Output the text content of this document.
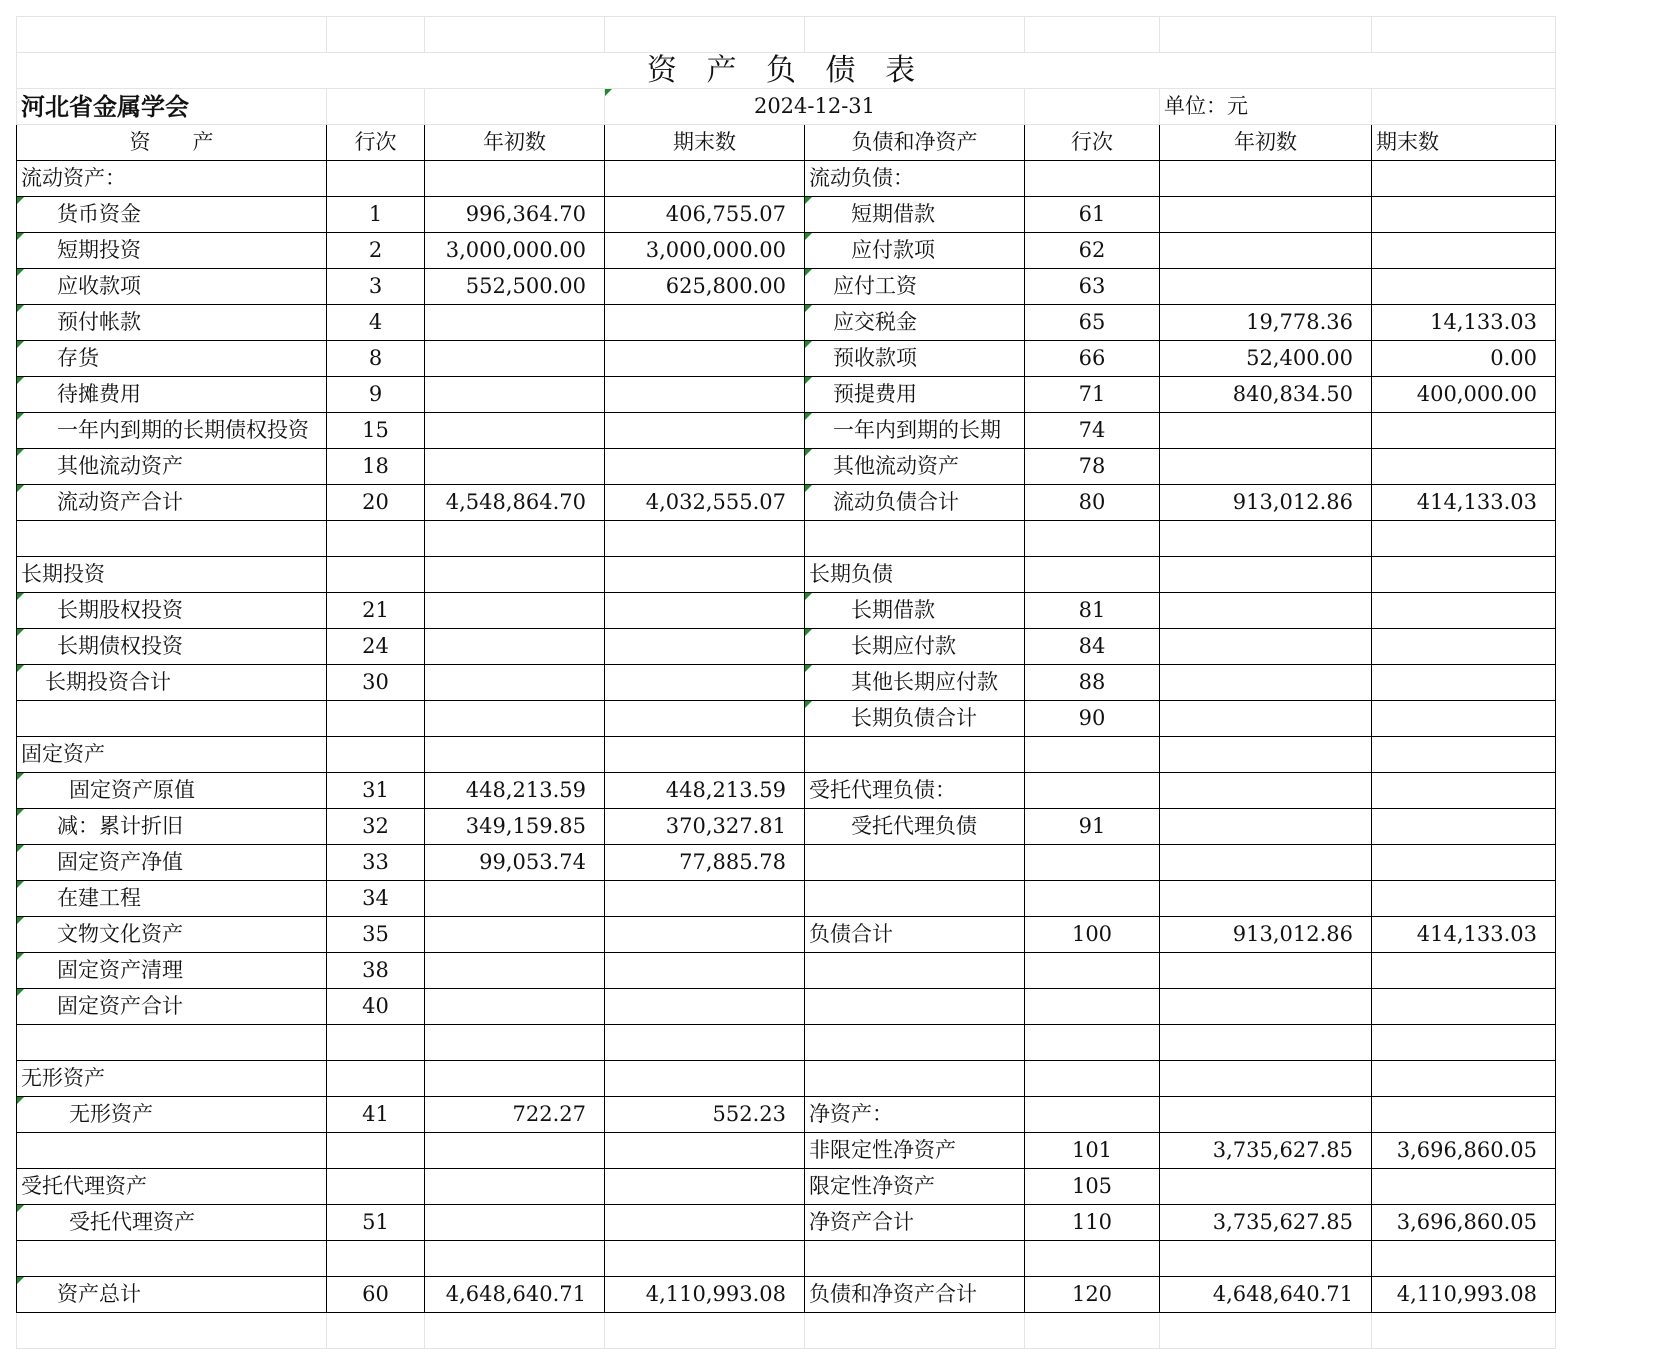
资 产 负 债 表							
河北省金属学会			2024-12-31			单位：元	
资　　产	行次	年初数	期末数	负债和净资产	行次	年初数	期末数
流动资产：				流动负债：			
货币资金	1	996,364.70	406,755.07	短期借款	61		
短期投资	2	3,000,000.00	3,000,000.00	应付款项	62		
应收款项	3	552,500.00	625,800.00	应付工资	63		
预付帐款	4			应交税金	65	19,778.36	14,133.03
存货	8			预收款项	66	52,400.00	0.00
待摊费用	9			预提费用	71	840,834.50	400,000.00
一年内到期的长期债权投资	15			一年内到期的长期	74		
其他流动资产	18			其他流动资产	78		
流动资产合计	20	4,548,864.70	4,032,555.07	流动负债合计	80	913,012.86	414,133.03

长期投资				长期负债			
长期股权投资	21			长期借款	81		
长期债权投资	24			长期应付款	84		
长期投资合计	30			其他长期应付款	88		
				长期负债合计	90		
固定资产							
固定资产原值	31	448,213.59	448,213.59	受托代理负债：			
减：累计折旧	32	349,159.85	370,327.81	受托代理负债	91		
固定资产净值	33	99,053.74	77,885.78				
在建工程	34						
文物文化资产	35			负债合计	100	913,012.86	414,133.03
固定资产清理	38						
固定资产合计	40						

无形资产							
无形资产	41	722.27	552.23	净资产：			
				非限定性净资产	101	3,735,627.85	3,696,860.05
受托代理资产				限定性净资产	105		
受托代理资产	51			净资产合计	110	3,735,627.85	3,696,860.05

资产总计	60	4,648,640.71	4,110,993.08	负债和净资产合计	120	4,648,640.71	4,110,993.08
